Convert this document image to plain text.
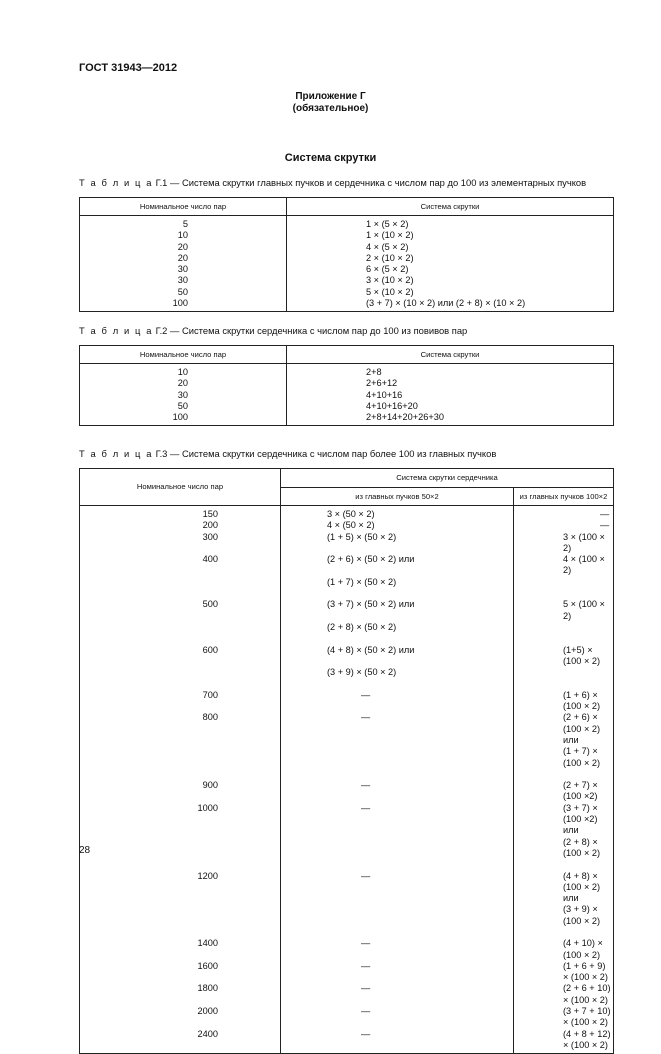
ГОСТ 31943—2012
Приложение Г
(обязательное)
Система скрутки
Т а б л и ц а Г.1 — Система скрутки главных пучков и сердечника с числом пар до 100 из элементарных пучков
Номинальное число пар	Система скрутки
5	1 × (5 × 2)
10	1 × (10 × 2)
20	4 × (5 × 2)
20	2 × (10 × 2)
30	6 × (5 × 2)
30	3 × (10 × 2)
50	5 × (10 × 2)
100	(3 + 7) × (10 × 2) или (2 + 8) × (10 × 2)
Т а б л и ц а Г.2 — Система скрутки сердечника с числом пар до 100 из повивов пар
Номинальное число пар	Система скрутки
10	2+8
20	2+6+12
30	4+10+16
50	4+10+16+20
100	2+8+14+20+26+30
Т а б л и ц а Г.3 — Система скрутки сердечника с числом пар более 100 из главных пучков
Номинальное число пар	Система скрутки сердечника	
	из главных пучков 50×2	из главных пучков 100×2
150	3 × (50 × 2)	—
200	4 × (50 × 2)	—
300	(1 + 5) × (50 × 2)	3 × (100 × 2)
400	(2 + 6) × (50 × 2) или	4 × (100 × 2)
	(1 + 7) × (50 × 2)	

500	(3 + 7) × (50 × 2) или	5 × (100 × 2)
	(2 + 8) × (50 × 2)	

600	(4 + 8) × (50 × 2) или	(1+5) × (100 × 2)
	(3 + 9) × (50 × 2)	

700	—	(1 + 6) × (100 × 2)
800	—	(2 + 6) × (100 × 2) или
		(1 + 7) × (100 × 2)

900	—	(2 + 7) × (100 ×2)
1000	—	(3 + 7) × (100 ×2) или
		(2 + 8) × (100 × 2)

1200	—	(4 + 8) × (100 × 2) или
		(3 + 9) × (100 × 2)

1400	—	(4 + 10) × (100 × 2)
1600	—	(1 + 6 + 9) × (100 × 2)
1800	—	(2 + 6 + 10) × (100 × 2)
2000	—	(3 + 7 + 10) × (100 × 2)
2400	—	(4 + 8 + 12) × (100 × 2)
28
